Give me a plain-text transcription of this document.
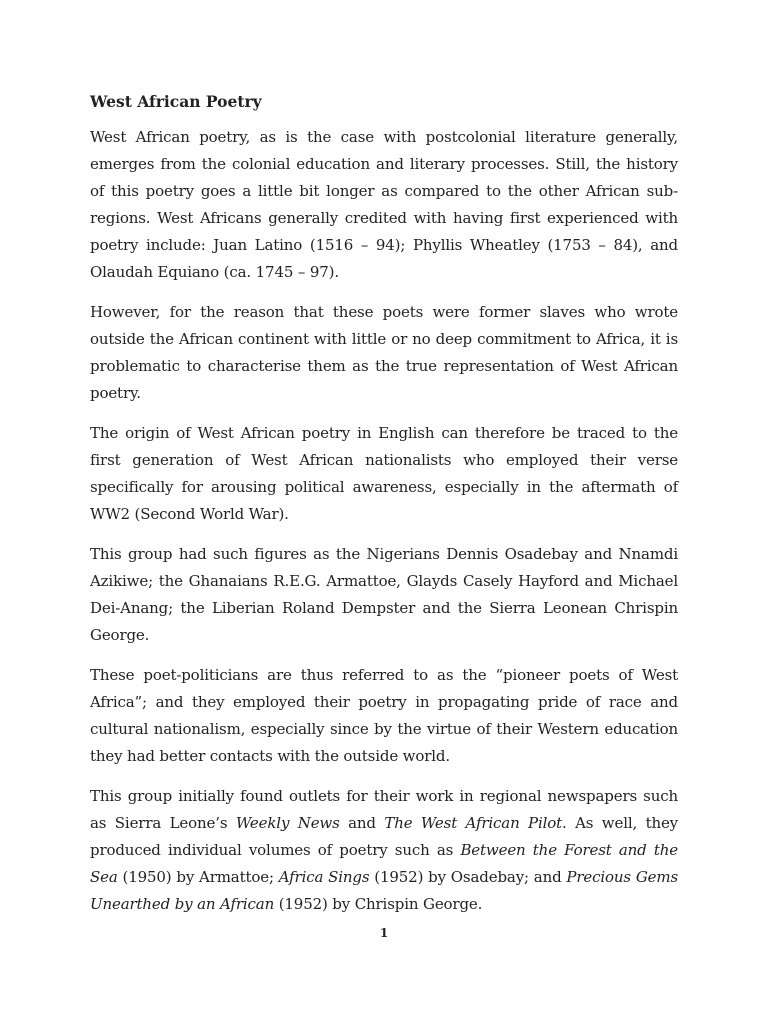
West African Poetry

West African poetry, as is the case with postcolonial literature generally, emerges from the colonial education and literary processes. Still, the history of this poetry goes a little bit longer as compared to the other African sub-regions. West Africans generally credited with having first experienced with poetry include: Juan Latino (1516 – 94); Phyllis Wheatley (1753 – 84), and Olaudah Equiano (ca. 1745 – 97).

However, for the reason that these poets were former slaves who wrote outside the African continent with little or no deep commitment to Africa, it is problematic to characterise them as the true representation of West African poetry.

The origin of West African poetry in English can therefore be traced to the first generation of West African nationalists who employed their verse specifically for arousing political awareness, especially in the aftermath of WW2 (Second World War).

This group had such figures as the Nigerians Dennis Osadebay and Nnamdi Azikiwe; the Ghanaians R.E.G. Armattoe, Glayds Casely Hayford and Michael Dei-Anang; the Liberian Roland Dempster and the Sierra Leonean Chrispin George.

These poet-politicians are thus referred to as the “pioneer poets of West Africa”; and they employed their poetry in propagating pride of race and cultural nationalism, especially since by the virtue of their Western education they had better contacts with the outside world.

This group initially found outlets for their work in regional newspapers such as Sierra Leone’s Weekly News and The West African Pilot. As well, they produced individual volumes of poetry such as Between the Forest and the Sea (1950) by Armattoe; Africa Sings (1952) by Osadebay; and Precious Gems Unearthed by an African (1952) by Chrispin George.

1
